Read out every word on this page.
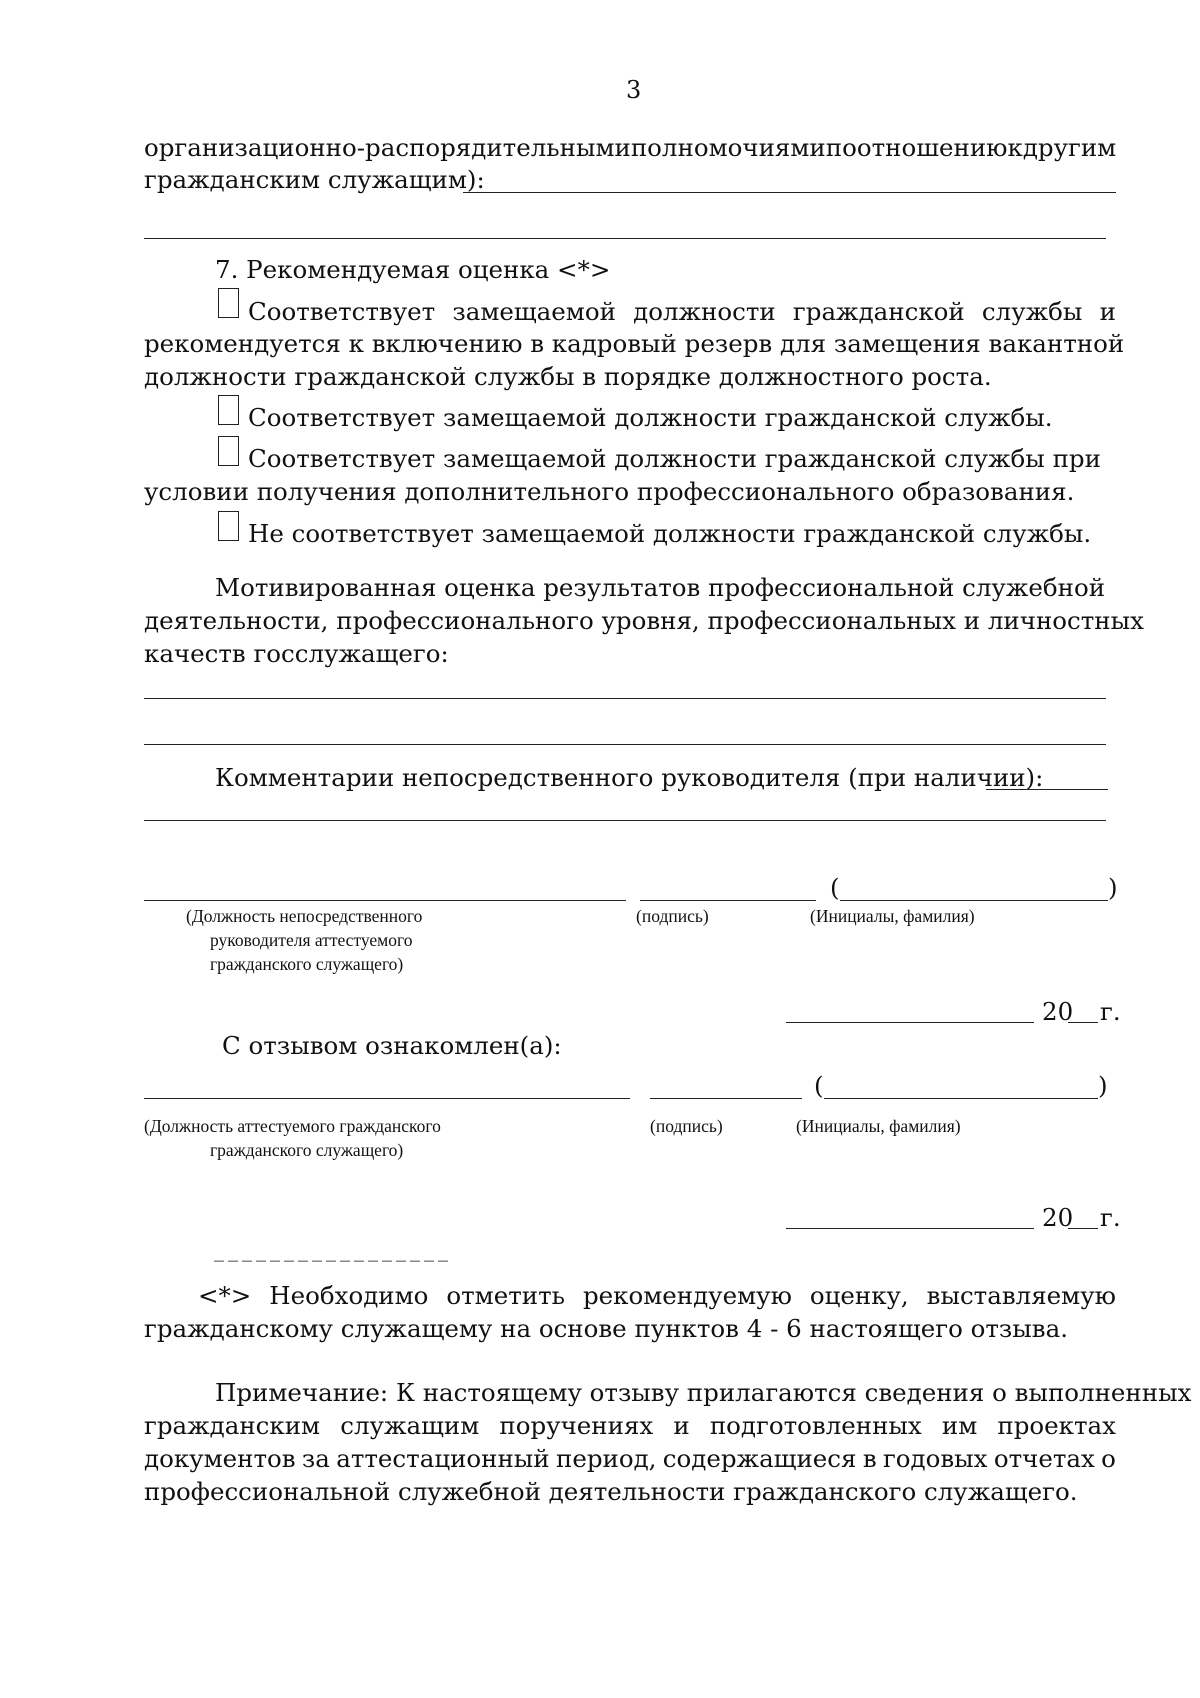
3
организационно-распорядительными полномочиями по отношению к другим
гражданским служащим):
7. Рекомендуемая оценка <*>
Соответствует замещаемой должности гражданской службы и
рекомендуется к включению в кадровый резерв для замещения вакантной
должности гражданской службы в порядке должностного роста.
Соответствует замещаемой должности гражданской службы.
Соответствует замещаемой должности гражданской службы при
условии получения дополнительного профессионального образования.
Не соответствует замещаемой должности гражданской службы.
Мотивированная оценка результатов профессиональной служебной
деятельности, профессионального уровня, профессиональных и личностных
качеств госслужащего:
Комментарии непосредственного руководителя (при наличии):
(	)
(Должность непосредственного
руководителя аттестуемого
гражданского служащего)
(подпись)	(Инициалы, фамилия)
20 г.
С отзывом ознакомлен(а):
(	)
(Должность аттестуемого гражданского
гражданского служащего)
(подпись)	(Инициалы, фамилия)
20 г.
_________________
<*> Необходимо отметить рекомендуемую оценку, выставляемую
гражданскому служащему на основе пунктов 4 - 6 настоящего отзыва.
Примечание: К настоящему отзыву прилагаются сведения о выполненных
гражданским служащим поручениях и подготовленных им проектах
документов за аттестационный период, содержащиеся в годовых отчетах о
профессиональной служебной деятельности гражданского служащего.
